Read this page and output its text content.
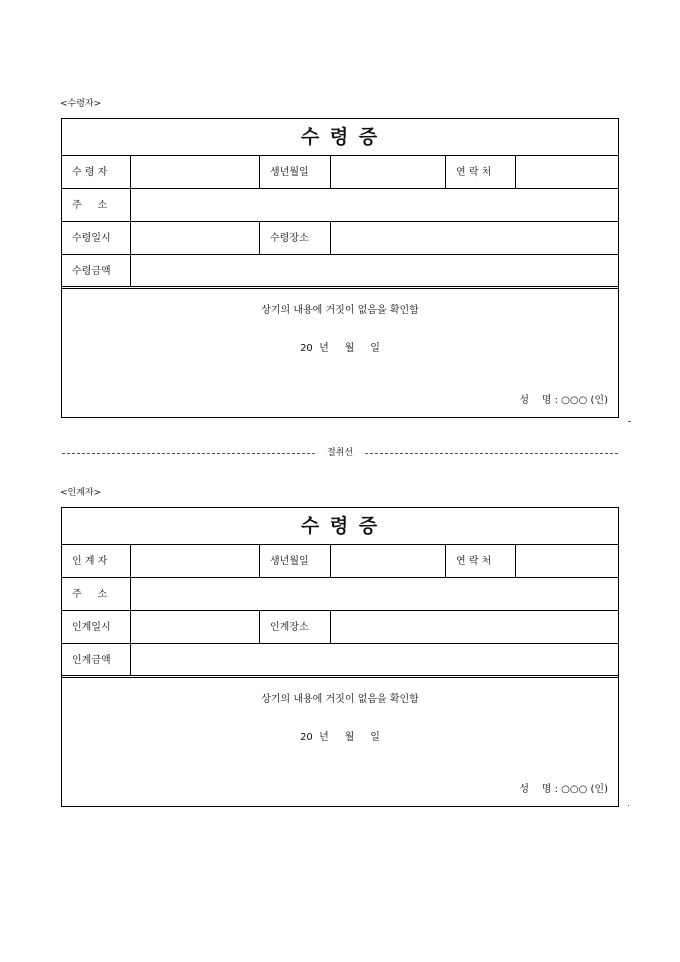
<수령자>
수 령 증
수 령 자	생년월일	연 락 처
주     소
수령일시	수령장소
수령금액
상기의 내용에 거짓이 없음을 확인함
20  년     월     일
성    명 : ○○○ (인)
절취선
<인계자>
수 령 증
인 계 자	생년월일	연 락 처
주     소
인계일시	인계장소
인계금액
상기의 내용에 거짓이 없음을 확인함
20  년     월     일
성    명 : ○○○ (인)
